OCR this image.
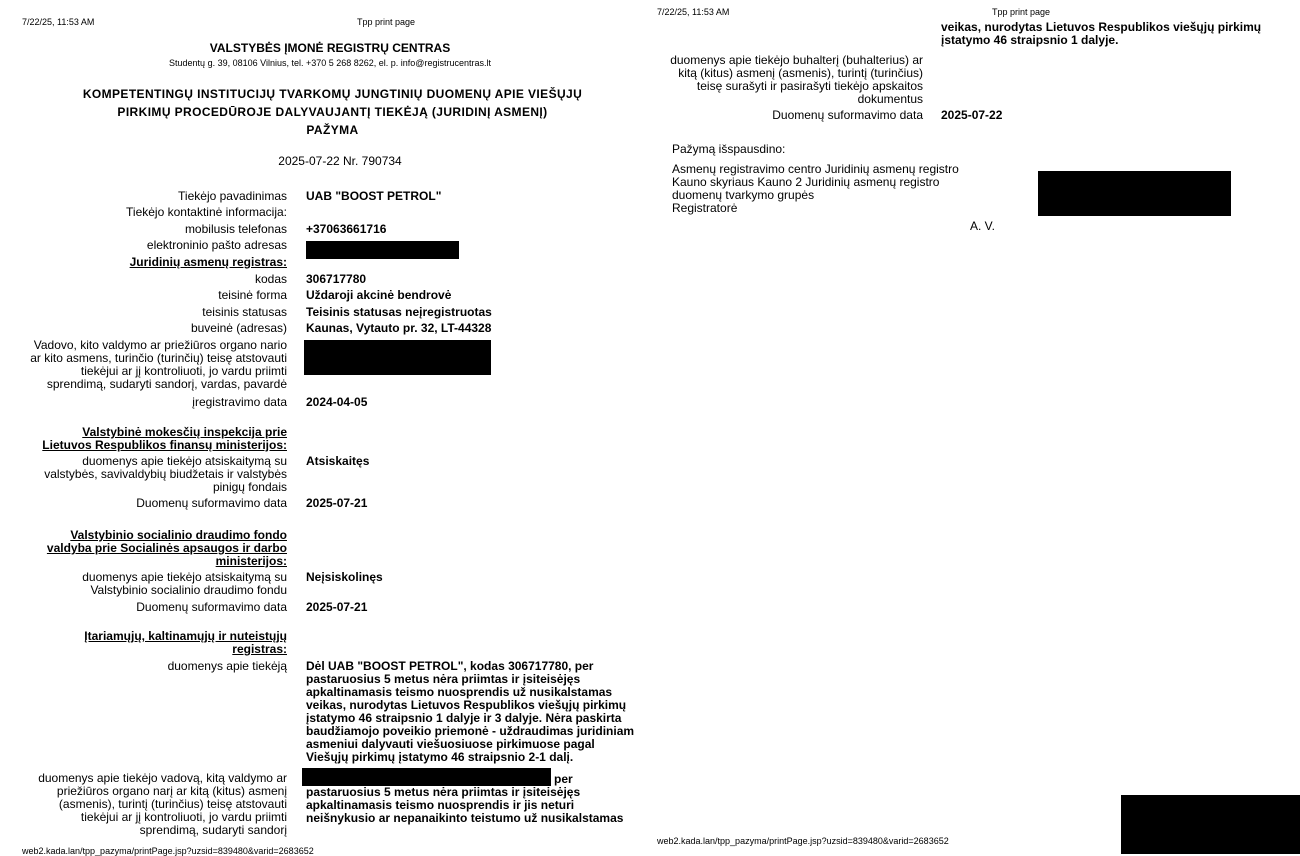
7/22/25, 11:53 AM	Tpp print page
VALSTYBĖS ĮMONĖ REGISTRŲ CENTRAS
Studentų g. 39, 08106 Vilnius, tel. +370 5 268 8262, el. p. info@registrucentras.lt
KOMPETENTINGŲ INSTITUCIJŲ TVARKOMŲ JUNGTINIŲ DUOMENŲ APIE VIEŠŲJŲ
PIRKIMŲ PROCEDŪROJE DALYVAUJANTĮ TIEKĖJĄ (JURIDINĮ ASMENĮ)
PAŽYMA
2025-07-22 Nr. 790734
Tiekėjo pavadinimas UAB "BOOST PETROL"
Tiekėjo kontaktinė informacija:
mobilusis telefonas +37063661716
elektroninio pašto adresas
Juridinių asmenų registras:
kodas 306717780
teisinė forma Uždaroji akcinė bendrovė
teisinis statusas Teisinis statusas neįregistruotas
buveinė (adresas) Kaunas, Vytauto pr. 32, LT-44328
Vadovo, kito valdymo ar priežiūros organo nario
ar kito asmens, turinčio (turinčių) teisę atstovauti
tiekėjui ar jį kontroliuoti, jo vardu priimti
sprendimą, sudaryti sandorį, vardas, pavardė
įregistravimo data 2024-04-05
Valstybinė mokesčių inspekcija prie
Lietuvos Respublikos finansų ministerijos:
duomenys apie tiekėjo atsiskaitymą su
valstybės, savivaldybių biudžetais ir valstybės
pinigų fondais
Atsiskaitęs
Duomenų suformavimo data 2025-07-21
Valstybinio socialinio draudimo fondo
valdyba prie Socialinės apsaugos ir darbo
ministerijos:
duomenys apie tiekėjo atsiskaitymą su
Valstybinio socialinio draudimo fondu
Neįsiskolinęs
Duomenų suformavimo data 2025-07-21
Įtariamųjų, kaltinamųjų ir nuteistųjų
registras:
duomenys apie tiekėją Dėl UAB "BOOST PETROL", kodas 306717780, per
pastaruosius 5 metus nėra priimtas ir įsiteisėjęs
apkaltinamasis teismo nuosprendis už nusikalstamas
veikas, nurodytas Lietuvos Respublikos viešųjų pirkimų
įstatymo 46 straipsnio 1 dalyje ir 3 dalyje. Nėra paskirta
baudžiamojo poveikio priemonė - uždraudimas juridiniam
asmeniui dalyvauti viešuosiuose pirkimuose pagal
Viešųjų pirkimų įstatymo 46 straipsnio 2-1 dalį.
duomenys apie tiekėjo vadovą, kitą valdymo ar
priežiūros organo narį ar kitą (kitus) asmenį
(asmenis), turintį (turinčius) teisę atstovauti
tiekėjui ar jį kontroliuoti, jo vardu priimti
sprendimą, sudaryti sandorį
per
pastaruosius 5 metus nėra priimtas ir įsiteisėjęs
apkaltinamasis teismo nuosprendis ir jis neturi
neišnykusio ar nepanaikinto teistumo už nusikalstamas
web2.kada.lan/tpp_pazyma/printPage.jsp?uzsid=839480&varid=2683652
7/22/25, 11:53 AM	Tpp print page
veikas, nurodytas Lietuvos Respublikos viešųjų pirkimų
įstatymo 46 straipsnio 1 dalyje.
duomenys apie tiekėjo buhalterį (buhalterius) ar
kitą (kitus) asmenį (asmenis), turintį (turinčius)
teisę surašyti ir pasirašyti tiekėjo apskaitos
dokumentus
Duomenų suformavimo data 2025-07-22
Pažymą išspausdino:
Asmenų registravimo centro Juridinių asmenų registro
Kauno skyriaus Kauno 2 Juridinių asmenų registro
duomenų tvarkymo grupės
Registratorė
A. V.
web2.kada.lan/tpp_pazyma/printPage.jsp?uzsid=839480&varid=2683652
